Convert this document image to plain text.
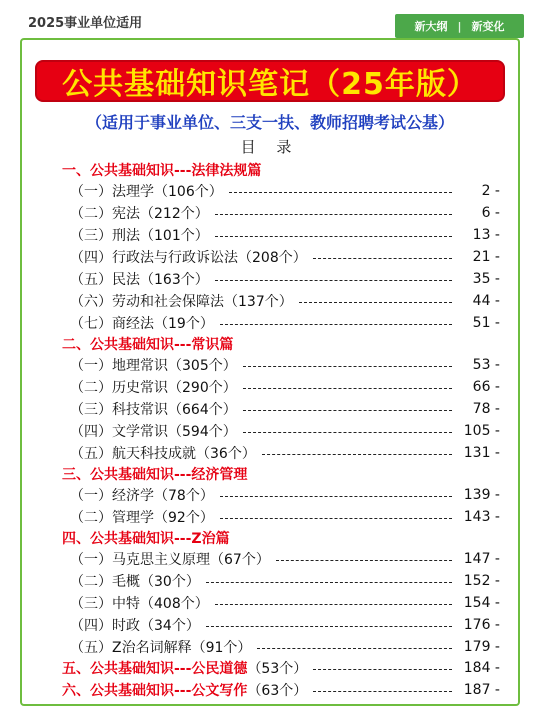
2025事业单位适用	新大纲 | 新变化
公共基础知识笔记（25年版）
（适用于事业单位、三支一扶、教师招聘考试公基）
目 录
一、公共基础知识---法律法规篇
（一）法理学（106个）	2 -
（二）宪法（212个）	6 -
（三）刑法（101个）	13 -
（四）行政法与行政诉讼法（208个）	21 -
（五）民法（163个）	35 -
（六）劳动和社会保障法（137个）	44 -
（七）商经法（19个）	51 -
二、公共基础知识---常识篇
（一）地理常识（305个）	53 -
（二）历史常识（290个）	66 -
（三）科技常识（664个）	78 -
（四）文学常识（594个）	105 -
（五）航天科技成就（36个）	131 -
三、公共基础知识---经济管理
（一）经济学（78个）	139 -
（二）管理学（92个）	143 -
四、公共基础知识---Z治篇
（一）马克思主义原理（67个）	147 -
（二）毛概（30个）	152 -
（三）中特（408个）	154 -
（四）时政（34个）	176 -
（五）Z治名词解释（91个）	179 -
五、公共基础知识---公民道德（53个）	184 -
六、公共基础知识---公文写作（63个）	187 -
